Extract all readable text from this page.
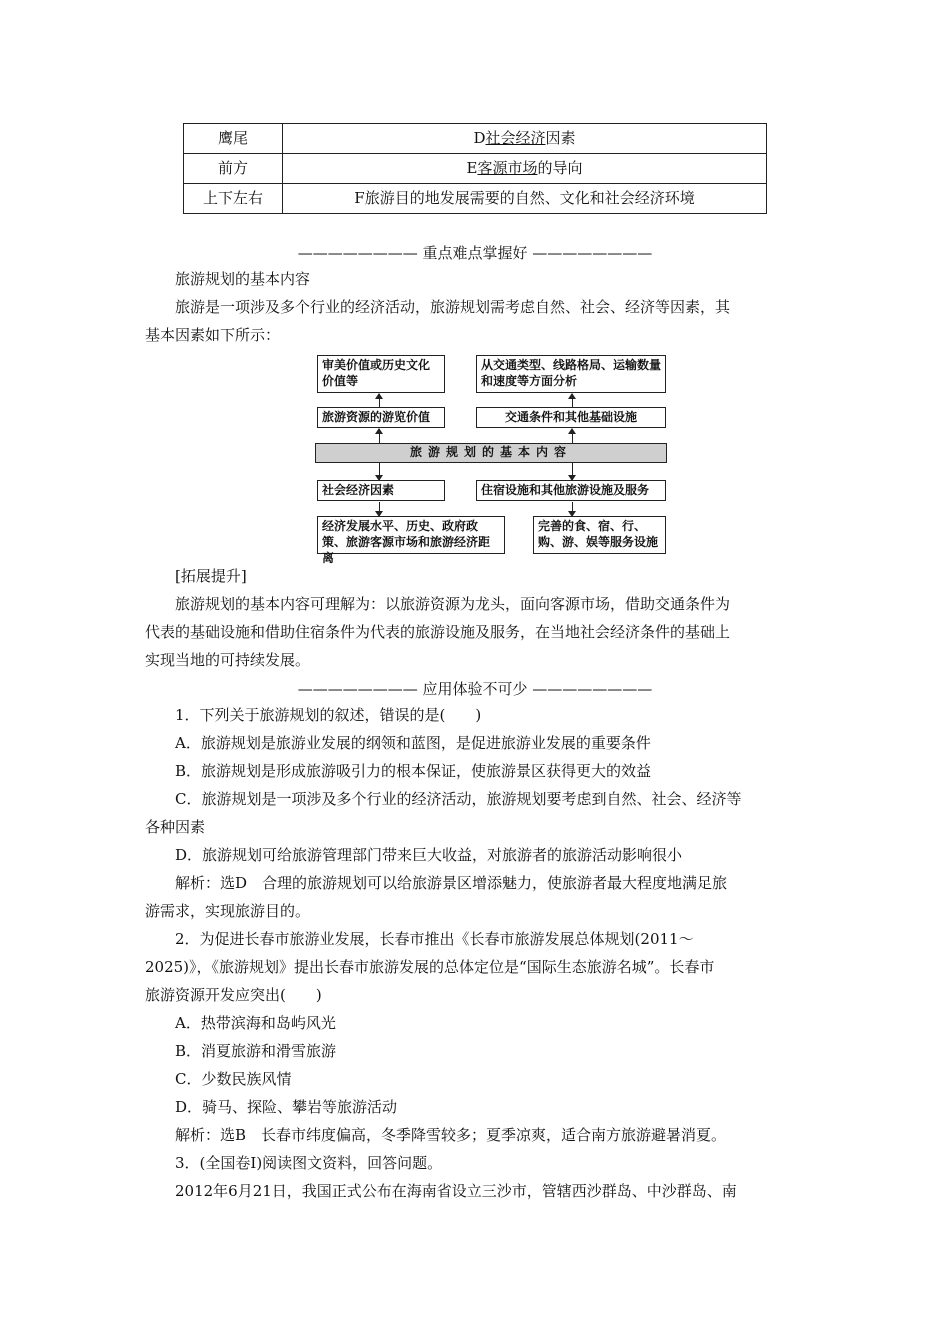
鹰尾	D社会经济因素
前方	E客源市场的导向
上下左右	F旅游目的地发展需要的自然、文化和社会经济环境
———————— 重点难点掌握好 ————————
旅游规划的基本内容
旅游是一项涉及多个行业的经济活动，旅游规划需考虑自然、社会、经济等因素，其
基本因素如下所示：
审美价值或历史文化价值等
从交通类型、线路格局、运输数量和速度等方面分析
旅游资源的游览价值	交通条件和其他基础设施
旅游规划的基本内容
社会经济因素	住宿设施和其他旅游设施及服务
经济发展水平、历史、政府政策、旅游客源市场和旅游经济距离
完善的食、宿、行、购、游、娱等服务设施
[拓展提升]
旅游规划的基本内容可理解为：以旅游资源为龙头，面向客源市场，借助交通条件为
代表的基础设施和借助住宿条件为代表的旅游设施及服务，在当地社会经济条件的基础上
实现当地的可持续发展。
———————— 应用体验不可少 ————————
1．下列关于旅游规划的叙述，错误的是(　　)
A．旅游规划是旅游业发展的纲领和蓝图，是促进旅游业发展的重要条件
B．旅游规划是形成旅游吸引力的根本保证，使旅游景区获得更大的效益
C．旅游规划是一项涉及多个行业的经济活动，旅游规划要考虑到自然、社会、经济等
各种因素
D．旅游规划可给旅游管理部门带来巨大收益，对旅游者的旅游活动影响很小
解析：选D　合理的旅游规划可以给旅游景区增添魅力，使旅游者最大程度地满足旅
游需求，实现旅游目的。
2．为促进长春市旅游业发展，长春市推出《长春市旅游发展总体规划(2011～
2025)》，《旅游规划》提出长春市旅游发展的总体定位是“国际生态旅游名城”。长春市
旅游资源开发应突出(　　)
A．热带滨海和岛屿风光
B．消夏旅游和滑雪旅游
C．少数民族风情
D．骑马、探险、攀岩等旅游活动
解析：选B　长春市纬度偏高，冬季降雪较多；夏季凉爽，适合南方旅游避暑消夏。
3．(全国卷Ⅰ)阅读图文资料，回答问题。
2012年6月21日，我国正式公布在海南省设立三沙市，管辖西沙群岛、中沙群岛、南
